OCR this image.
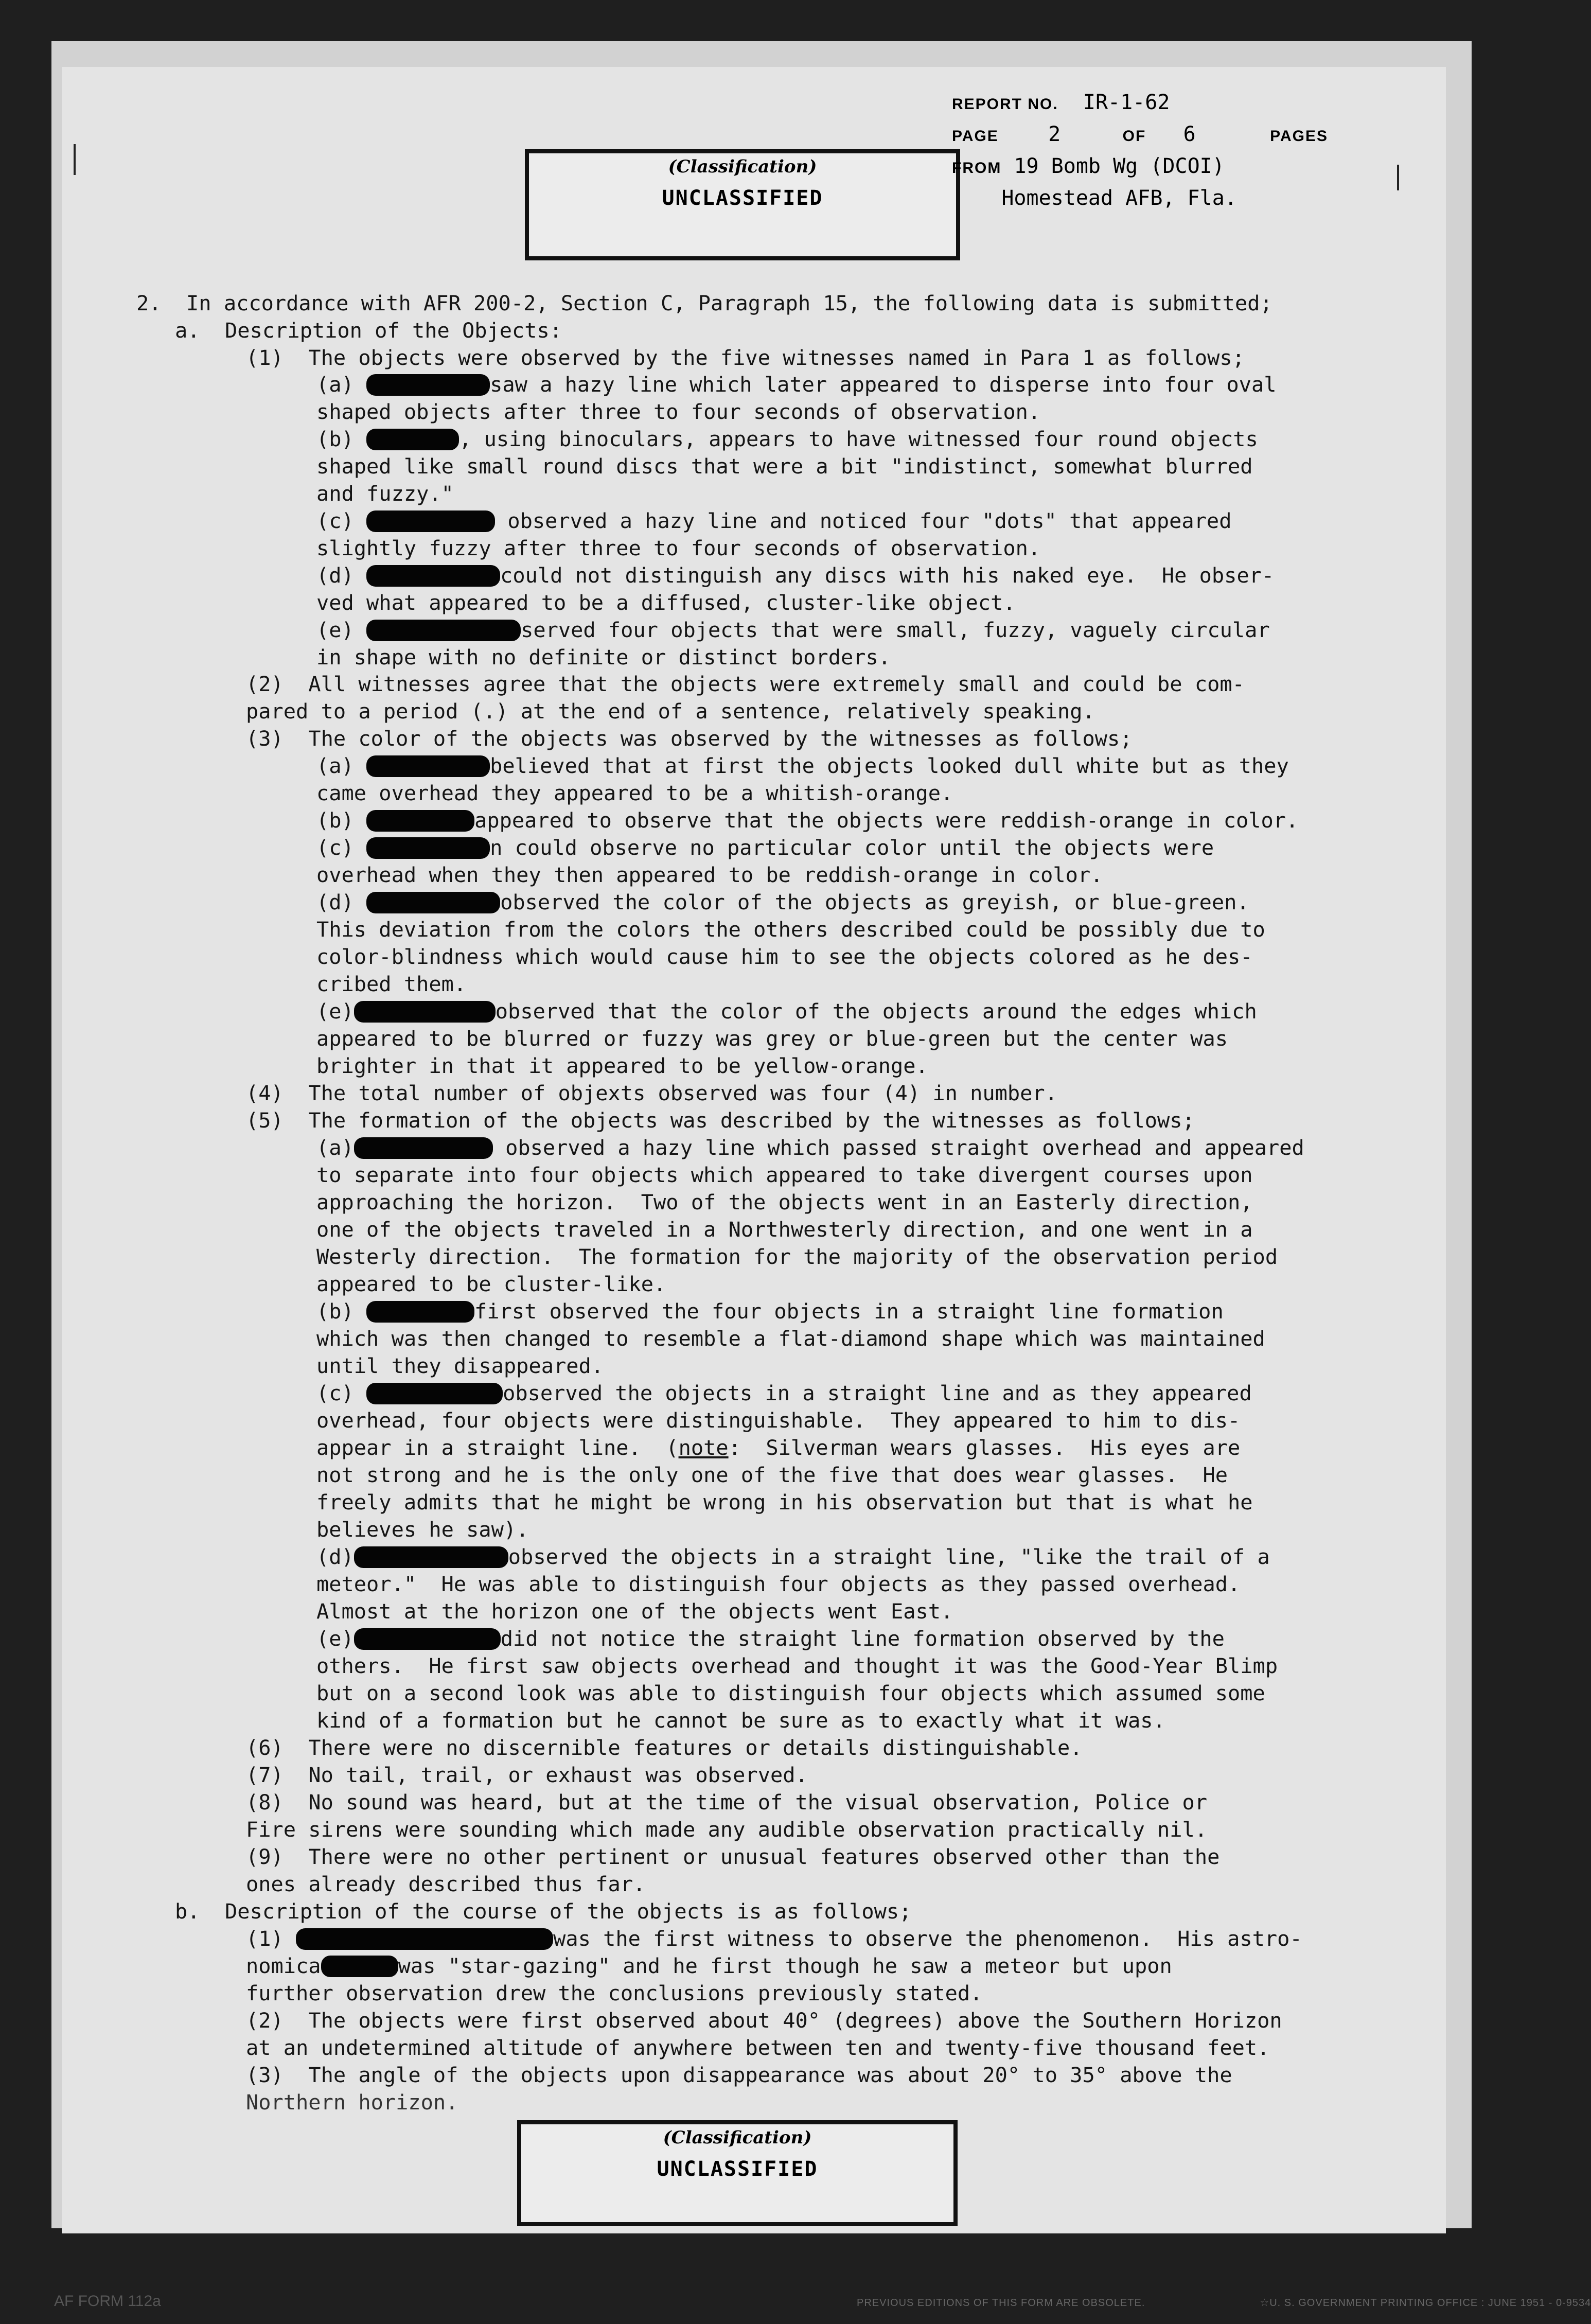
(Classification)
UNCLASSIFIED
REPORT NO. IR-1-62
PAGE 2	OF 6	PAGES
FROM 19 Bomb Wg (DCOI)
Homestead AFB, Fla.
2.  In accordance with AFR 200-2, Section C, Paragraph 15, the following data is submitted;
a.  Description of the Objects:
(1)  The objects were observed by the five witnesses named in Para 1 as follows;
(a)	saw a hazy line which later appeared to disperse into four oval
shaped objects after three to four seconds of observation.
(b)	, using binoculars, appears to have witnessed four round objects
shaped like small round discs that were a bit "indistinct, somewhat blurred
and fuzzy."
(c)	observed a hazy line and noticed four "dots" that appeared
slightly fuzzy after three to four seconds of observation.
(d)	could not distinguish any discs with his naked eye.  He obser-
ved what appeared to be a diffused, cluster-like object.
(e)	served four objects that were small, fuzzy, vaguely circular
in shape with no definite or distinct borders.
(2)  All witnesses agree that the objects were extremely small and could be com-
pared to a period (.) at the end of a sentence, relatively speaking.
(3)  The color of the objects was observed by the witnesses as follows;
(a)	believed that at first the objects looked dull white but as they
came overhead they appeared to be a whitish-orange.
(b)	appeared to observe that the objects were reddish-orange in color.
(c)	n could observe no particular color until the objects were
overhead when they then appeared to be reddish-orange in color.
(d)	observed the color of the objects as greyish, or blue-green.
This deviation from the colors the others described could be possibly due to
color-blindness which would cause him to see the objects colored as he des-
cribed them.
(e)	observed that the color of the objects around the edges which
appeared to be blurred or fuzzy was grey or blue-green but the center was
brighter in that it appeared to be yellow-orange.
(4)  The total number of objexts observed was four (4) in number.
(5)  The formation of the objects was described by the witnesses as follows;
(a)	observed a hazy line which passed straight overhead and appeared
to separate into four objects which appeared to take divergent courses upon
approaching the horizon.  Two of the objects went in an Easterly direction,
one of the objects traveled in a Northwesterly direction, and one went in a
Westerly direction.  The formation for the majority of the observation period
appeared to be cluster-like.
(b)	first observed the four objects in a straight line formation
which was then changed to resemble a flat-diamond shape which was maintained
until they disappeared.
(c)	observed the objects in a straight line and as they appeared
overhead, four objects were distinguishable.  They appeared to him to dis-
appear in a straight line.  (note:  Silverman wears glasses.  His eyes are
not strong and he is the only one of the five that does wear glasses.  He
freely admits that he might be wrong in his observation but that is what he
believes he saw).
(d)	observed the objects in a straight line, "like the trail of a
meteor."  He was able to distinguish four objects as they passed overhead.
Almost at the horizon one of the objects went East.
(e)	did not notice the straight line formation observed by the
others.  He first saw objects overhead and thought it was the Good-Year Blimp
but on a second look was able to distinguish four objects which assumed some
kind of a formation but he cannot be sure as to exactly what it was.
(6)  There were no discernible features or details distinguishable.
(7)  No tail, trail, or exhaust was observed.
(8)  No sound was heard, but at the time of the visual observation, Police or
Fire sirens were sounding which made any audible observation practically nil.
(9)  There were no other pertinent or unusual features observed other than the
ones already described thus far.
b.  Description of the course of the objects is as follows;
(1)	was the first witness to observe the phenomenon.  His astro-
nomica	was "star-gazing" and he first though he saw a meteor but upon
further observation drew the conclusions previously stated.
(2)  The objects were first observed about 40° (degrees) above the Southern Horizon
at an undetermined altitude of anywhere between ten and twenty-five thousand feet.
(3)  The angle of the objects upon disappearance was about 20° to 35° above the
Northern horizon.
(Classification)
UNCLASSIFIED
AF FORM 112a	PREVIOUS EDITIONS OF THIS FORM ARE OBSOLETE.                                  ☆U. S. GOVERNMENT PRINTING OFFICE : JUNE 1951 - 0-9534
